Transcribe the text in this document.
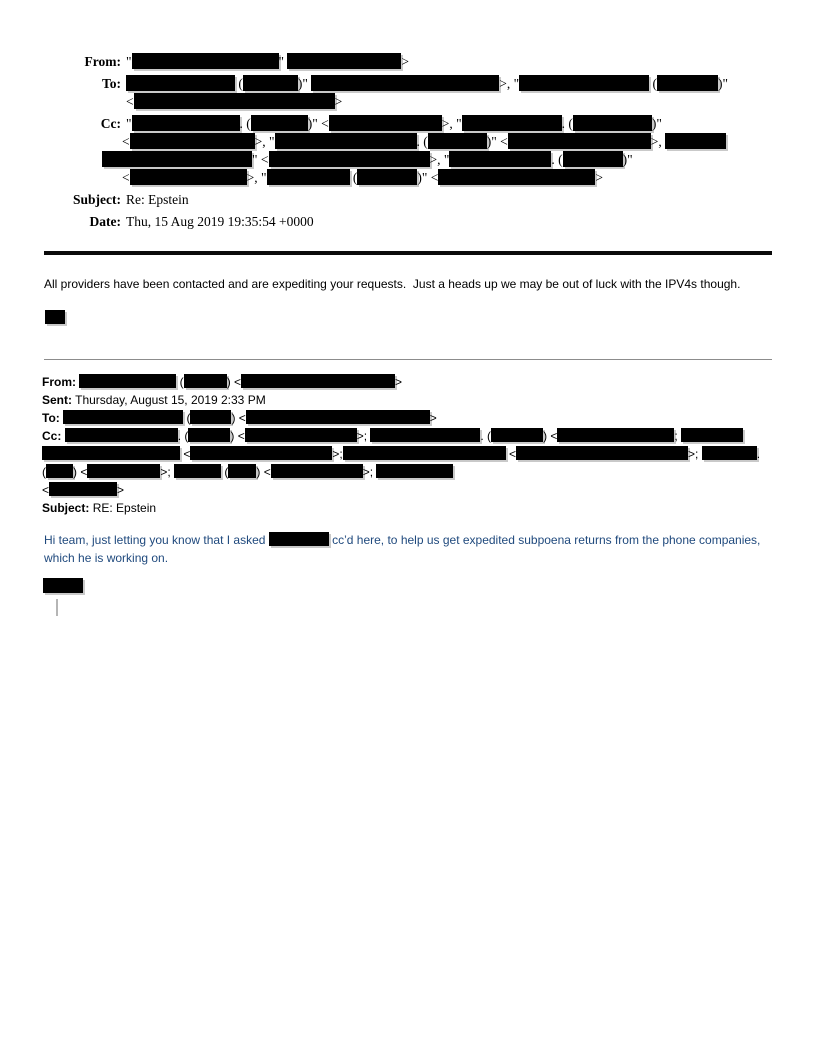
From: "	"	>
To:	(	)"	>, "	(	)"
<	>
Cc: "	. (	)" <	>, "	. (	)"
<	>, "	. (	)" <	>,
" <	>, "	. (	)"
<	>, "	(	)" <	>
Subject: Re: Epstein
Date: Thu, 15 Aug 2019 19:35:54 +0000
All providers have been contacted and are expediting your requests.  Just a heads up we may be out of luck with the IPV4s though.
From:	(	) <	>
Sent: Thursday, August 15, 2019 2:33 PM
To:	(	) <	>
Cc:	. (	) <	>;	. (	) <	;
<	>;	<	>;	.
( ) <	>;	( ) <	>;
<	>
Subject: RE: Epstein
Hi team, just letting you know that I asked	cc’d here, to help us get expedited subpoena returns from the phone companies,
which he is working on.
